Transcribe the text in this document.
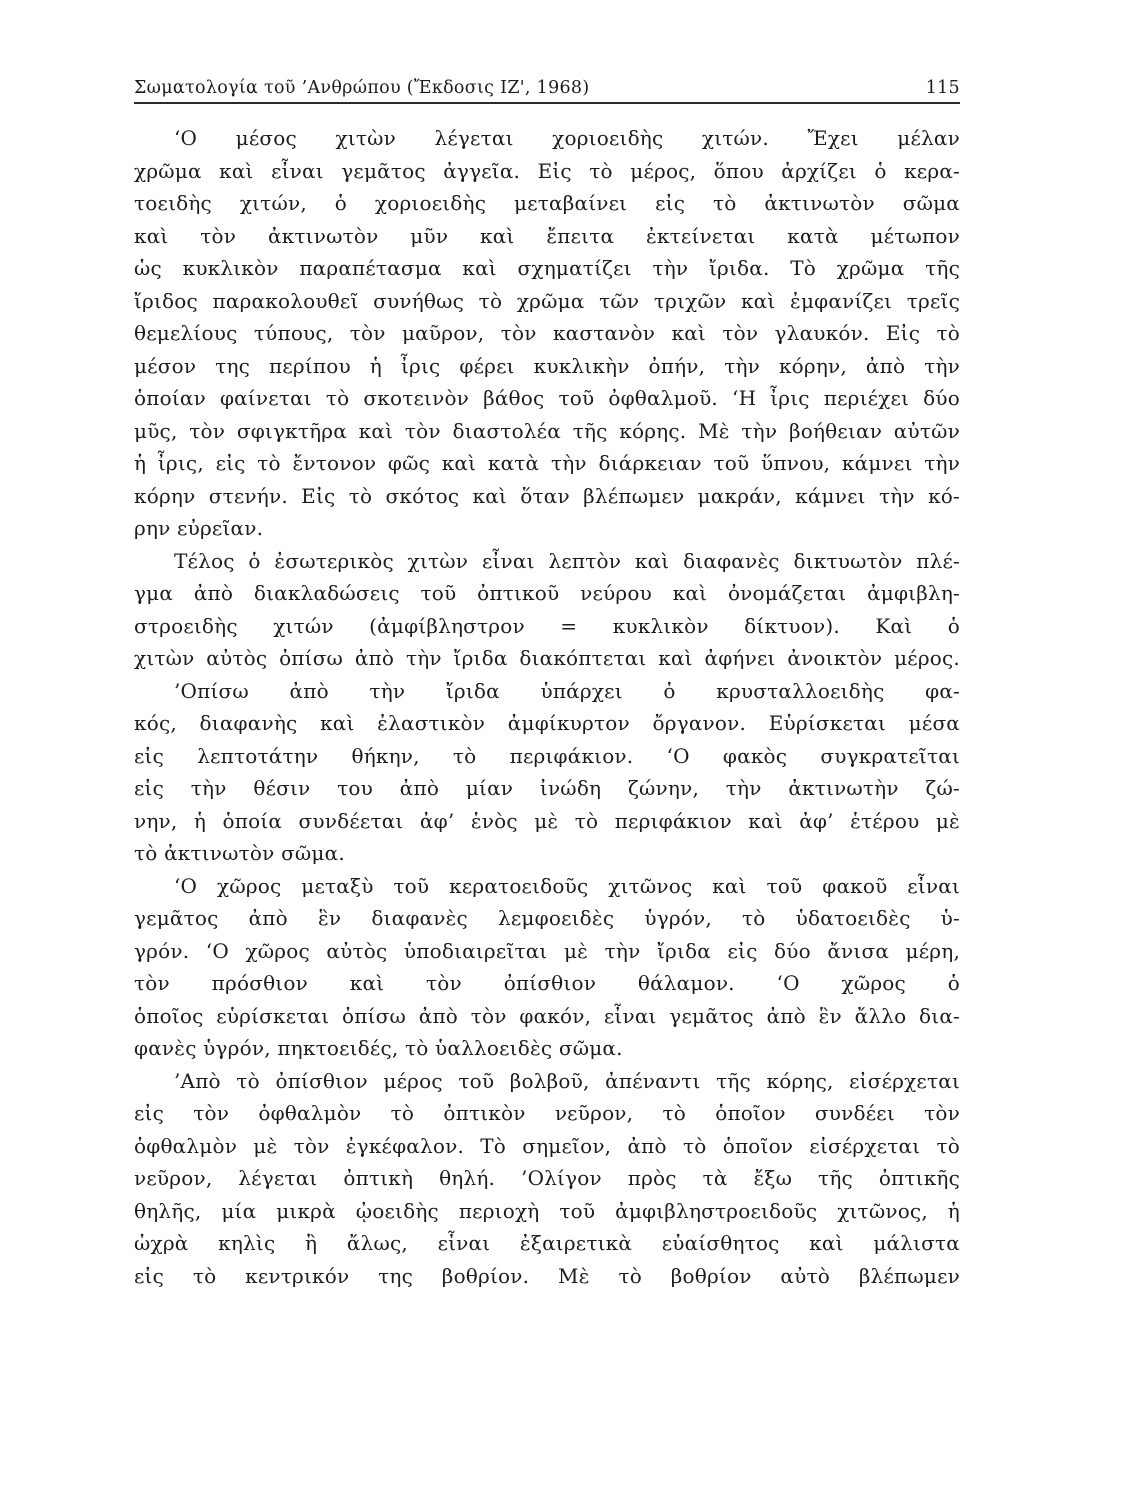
Σωματολογία τοῦ ’Ανθρώπου (Ἔκδοσις ΙΖ', 1968)	115
‘Ο μέσος χιτὼν λέγεται χοριοειδὴς χιτών. Ἔχει μέλαν
χρῶμα καὶ εἶναι γεμᾶτος ἀγγεῖα. Εἰς τὸ μέρος, ὅπου ἀρχίζει ὁ κερα-
τοειδὴς χιτών, ὁ χοριοειδὴς μεταβαίνει εἰς τὸ ἀκτινωτὸν σῶμα
καὶ τὸν ἀκτινωτὸν μῦν καὶ ἔπειτα ἐκτείνεται κατὰ μέτωπον
ὡς κυκλικὸν παραπέτασμα καὶ σχηματίζει τὴν ἴριδα. Τὸ χρῶμα τῆς
ἴριδος παρακολουθεῖ συνήθως τὸ χρῶμα τῶν τριχῶν καὶ ἐμφανίζει τρεῖς
θεμελίους τύπους, τὸν μαῦρον, τὸν καστανὸν καὶ τὸν γλαυκόν. Εἰς τὸ
μέσον της περίπου ἡ ἶρις φέρει κυκλικὴν ὀπήν, τὴν κόρην, ἀπὸ τὴν
ὁποίαν φαίνεται τὸ σκοτεινὸν βάθος τοῦ ὀφθαλμοῦ. ‘Η ἶρις περιέχει δύο
μῦς, τὸν σφιγκτῆρα καὶ τὸν διαστολέα τῆς κόρης. Μὲ τὴν βοήθειαν αὐτῶν
ἡ ἶρις, εἰς τὸ ἔντονον φῶς καὶ κατὰ τὴν διάρκειαν τοῦ ὕπνου, κάμνει τὴν
κόρην στενήν. Εἰς τὸ σκότος καὶ ὅταν βλέπωμεν μακράν, κάμνει τὴν κό-
ρην εὐρεῖαν.
Τέλος ὁ ἐσωτερικὸς χιτὼν εἶναι λεπτὸν καὶ διαφανὲς δικτυωτὸν πλέ-
γμα ἀπὸ διακλαδώσεις τοῦ ὀπτικοῦ νεύρου καὶ ὀνομάζεται ἀμφιβλη-
στροειδὴς χιτών (ἀμφίβληστρον = κυκλικὸν δίκτυον). Καὶ ὁ
χιτὼν αὐτὸς ὀπίσω ἀπὸ τὴν ἴριδα διακόπτεται καὶ ἀφήνει ἀνοικτὸν μέρος.
’Οπίσω ἀπὸ τὴν ἴριδα ὑπάρχει ὁ κρυσταλλοειδὴς φα-
κός, διαφανὴς καὶ ἐλαστικὸν ἀμφίκυρτον ὄργανον. Εὑρίσκεται μέσα
εἰς λεπτοτάτην θήκην, τὸ περιφάκιον. ‘Ο φακὸς συγκρατεῖται
εἰς τὴν θέσιν του ἀπὸ μίαν ἰνώδη ζώνην, τὴν ἀκτινωτὴν ζώ-
νην, ἡ ὁποία συνδέεται ἀφ’ ἑνὸς μὲ τὸ περιφάκιον καὶ ἀφ’ ἑτέρου μὲ
τὸ ἀκτινωτὸν σῶμα.
‘Ο χῶρος μεταξὺ τοῦ κερατοειδοῦς χιτῶνος καὶ τοῦ φακοῦ εἶναι
γεμᾶτος ἀπὸ ἓν διαφανὲς λεμφοειδὲς ὑγρόν, τὸ ὑδατοειδὲς ὑ-
γρόν. ‘Ο χῶρος αὐτὸς ὑποδιαιρεῖται μὲ τὴν ἴριδα εἰς δύο ἄνισα μέρη,
τὸν πρόσθιον καὶ τὸν ὀπίσθιον θάλαμον. ‘Ο χῶρος ὁ
ὁποῖος εὑρίσκεται ὀπίσω ἀπὸ τὸν φακόν, εἶναι γεμᾶτος ἀπὸ ἓν ἄλλο δια-
φανὲς ὑγρόν, πηκτοειδές, τὸ ὑαλλοειδὲς σῶμα.
’Απὸ τὸ ὀπίσθιον μέρος τοῦ βολβοῦ, ἀπέναντι τῆς κόρης, εἰσέρχεται
εἰς τὸν ὀφθαλμὸν τὸ ὀπτικὸν νεῦρον, τὸ ὁποῖον συνδέει τὸν
ὀφθαλμὸν μὲ τὸν ἐγκέφαλον. Τὸ σημεῖον, ἀπὸ τὸ ὁποῖον εἰσέρχεται τὸ
νεῦρον, λέγεται ὀπτικὴ θηλή. ’Ολίγον πρὸς τὰ ἔξω τῆς ὀπτικῆς
θηλῆς, μία μικρὰ ᾠοειδὴς περιοχὴ τοῦ ἀμφιβληστροειδοῦς χιτῶνος, ἡ
ὠχρὰ κηλὶς ἢ ἄλως, εἶναι ἐξαιρετικὰ εὐαίσθητος καὶ μάλιστα
εἰς τὸ κεντρικόν της βοθρίον. Μὲ τὸ βοθρίον αὐτὸ βλέπωμεν
